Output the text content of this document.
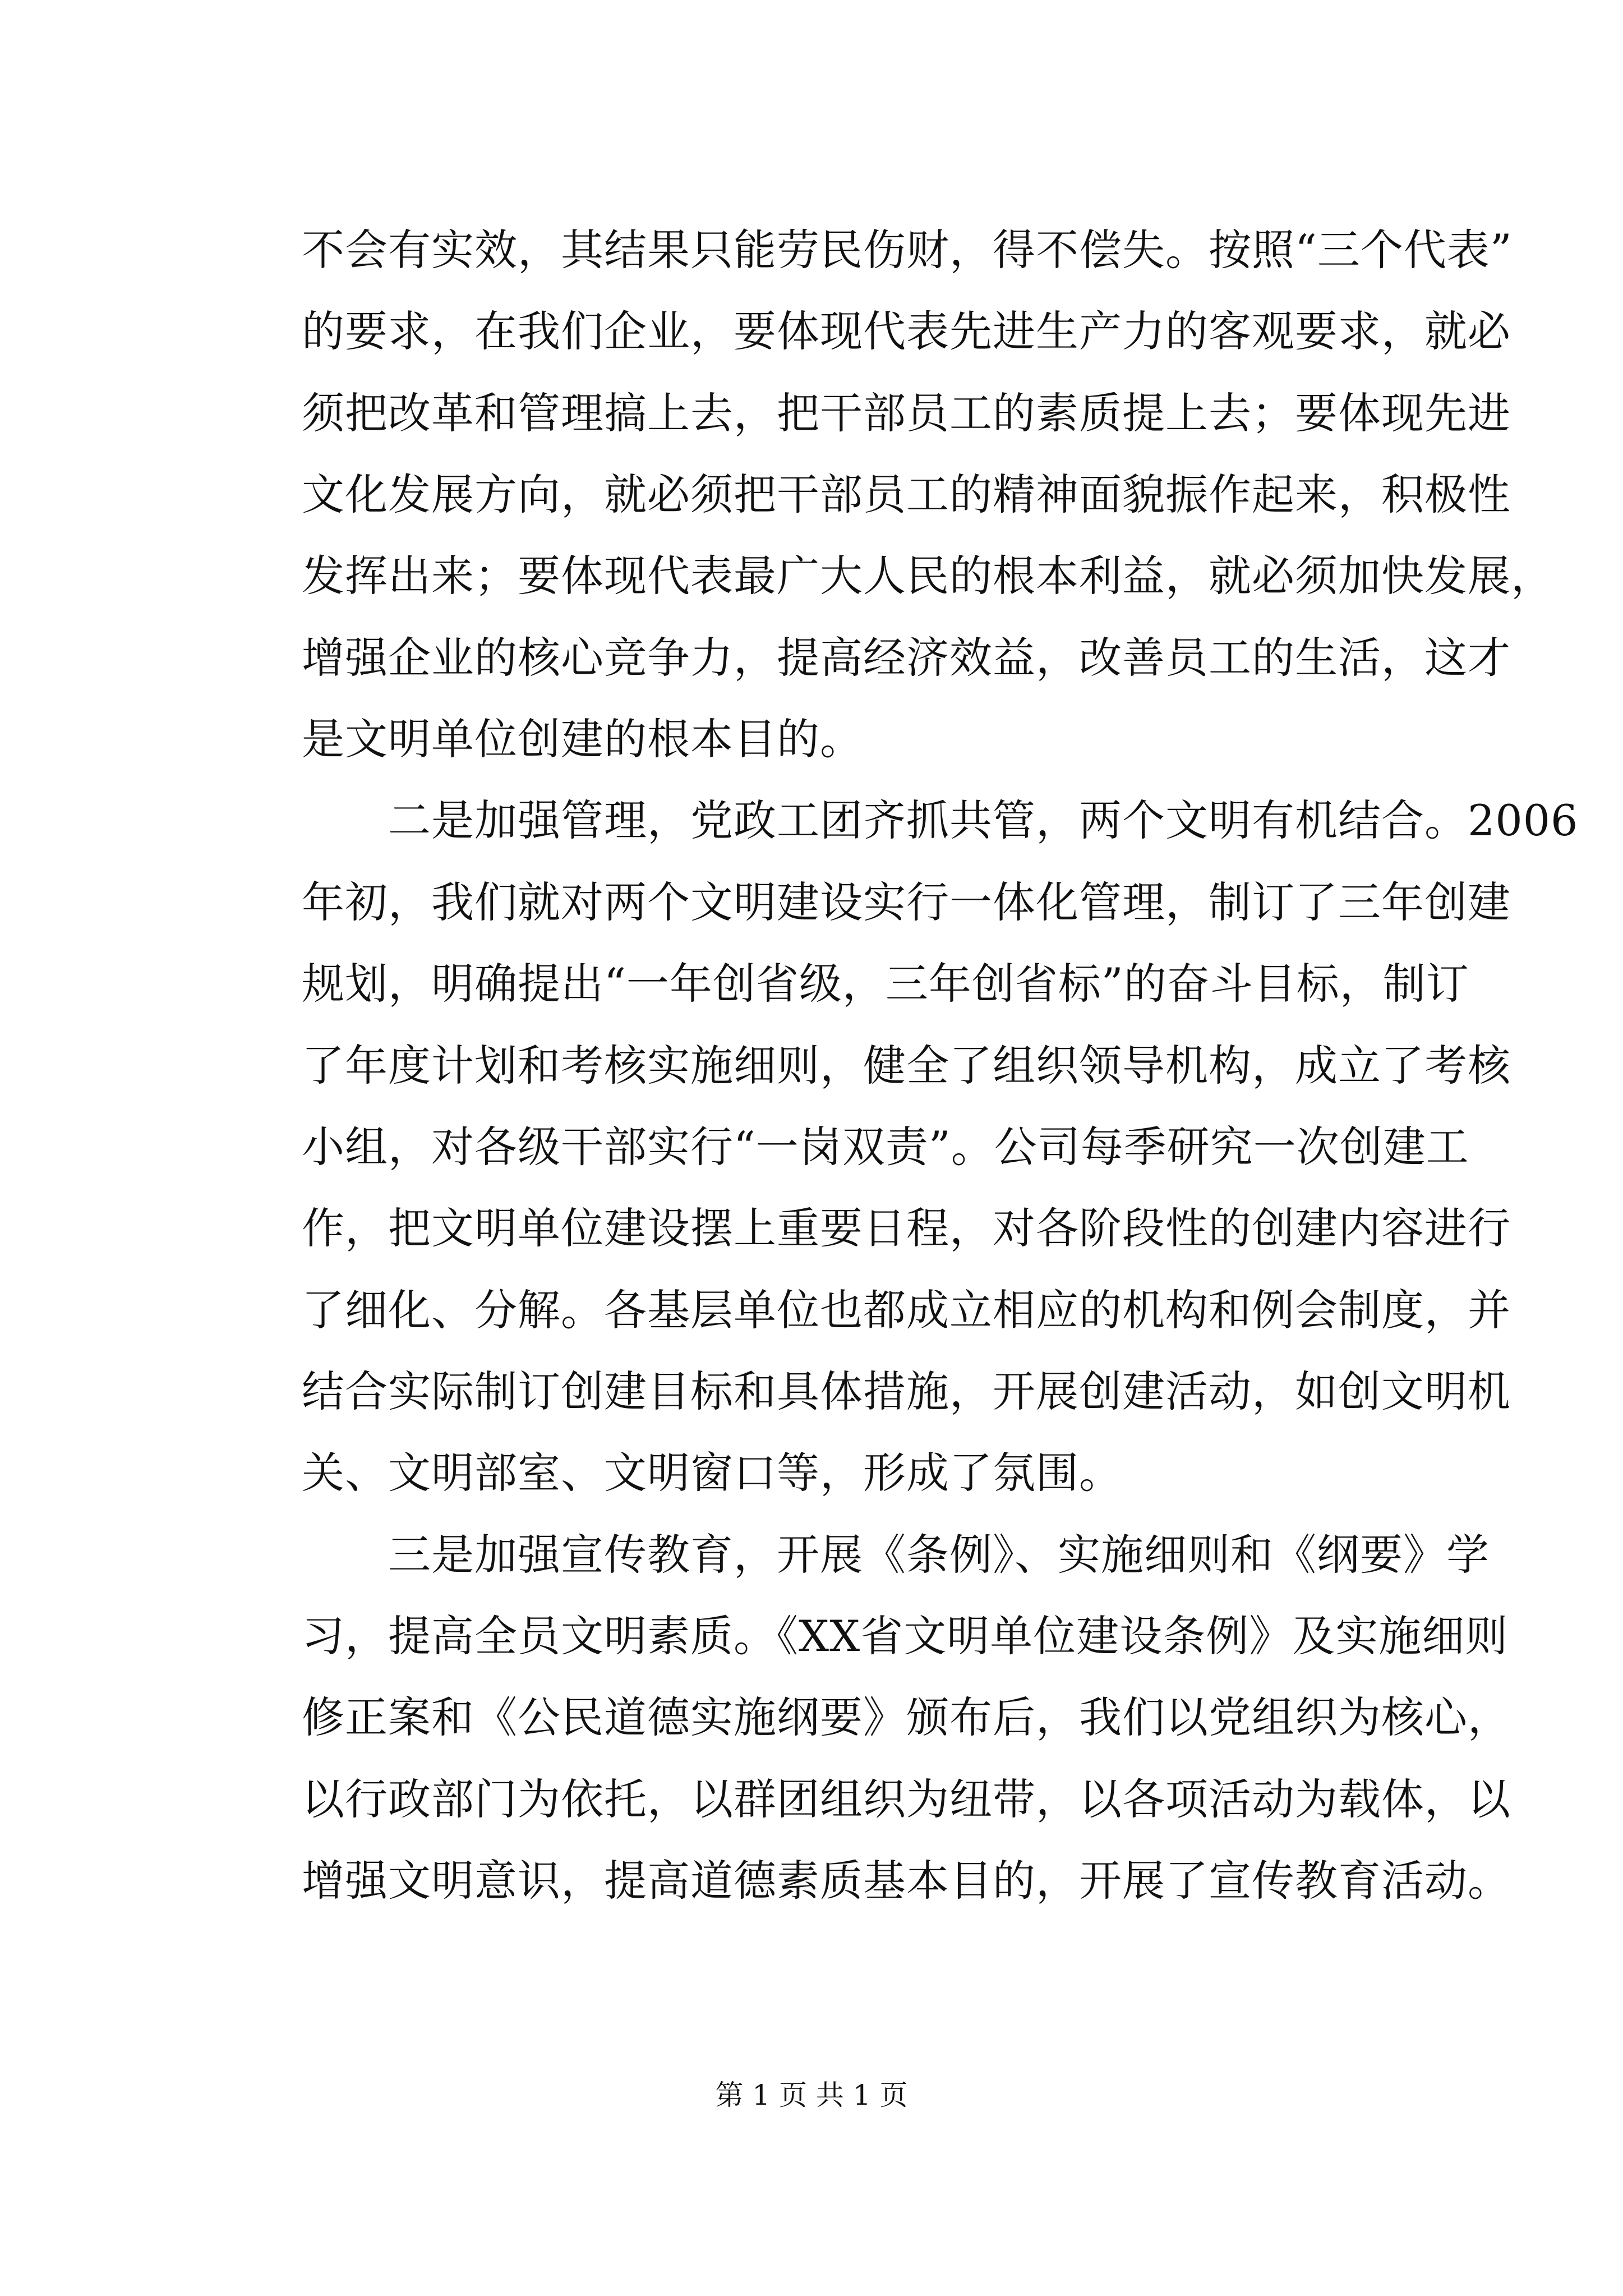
不会有实效，其结果只能劳民伤财，得不偿失。按照“三个代表”
的要求，在我们企业，要体现代表先进生产力的客观要求，就必
须把改革和管理搞上去，把干部员工的素质提上去；要体现先进
文化发展方向，就必须把干部员工的精神面貌振作起来，积极性
发挥出来；要体现代表最广大人民的根本利益，就必须加快发展，
增强企业的核心竞争力，提高经济效益，改善员工的生活，这才
是文明单位创建的根本目的。
　　二是加强管理，党政工团齐抓共管，两个文明有机结合。2006
年初，我们就对两个文明建设实行一体化管理，制订了三年创建
规划，明确提出“一年创省级，三年创省标”的奋斗目标，制订
了年度计划和考核实施细则，健全了组织领导机构，成立了考核
小组，对各级干部实行“一岗双责”。公司每季研究一次创建工
作，把文明单位建设摆上重要日程，对各阶段性的创建内容进行
了细化、分解。各基层单位也都成立相应的机构和例会制度，并
结合实际制订创建目标和具体措施，开展创建活动，如创文明机
关、文明部室、文明窗口等，形成了氛围。
　　三是加强宣传教育，开展《条例》、实施细则和《纲要》学
习，提高全员文明素质。《XX省文明单位建设条例》及实施细则
修正案和《公民道德实施纲要》颁布后，我们以党组织为核心，
以行政部门为依托，以群团组织为纽带，以各项活动为载体，以
增强文明意识，提高道德素质基本目的，开展了宣传教育活动。
第 1 页 共 1 页
